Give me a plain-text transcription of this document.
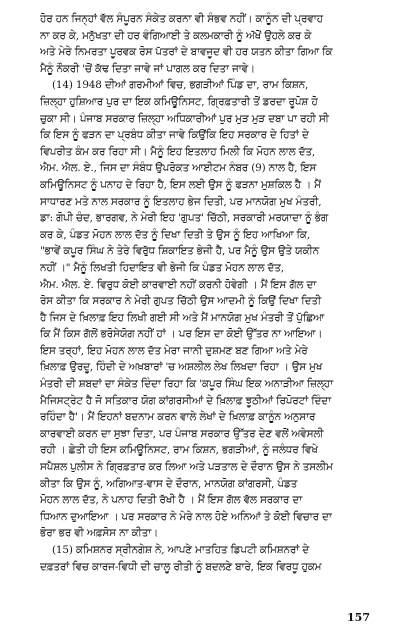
ਹੋਰ ਹਨ ਜਿਨ੍ਹਾਂ ਵੱਲ ਸੰਪੂਰਨ ਸੰਕੇਤ ਕਰਨਾ ਵੀ ਸੰਭਵ ਨਹੀਂ। ਕਾਨੂੰਨ ਦੀ ਪ੍ਰਵਾਹ
ਨਾ ਕਰ ਕੇ, ਮਨੁੱਖਤਾ ਦੀ ਹਰ ਵੰਗਿਆਈ ਤੇ ਕਲਮਕਾਰੀ ਨੂੰ ਅੱਖੋਂ ਉਹਲੇ ਕਰ ਕੇ
ਅਤੇ ਮੇਰੇ ਨਿਮਰਤਾ ਪੂਰਵਕ ਰੋਸ ਪੱਤਰਾਂ ਦੇ ਬਾਵਜੂਦ ਵੀ ਹਰ ਯਤਨ ਕੀਤਾ ਗਿਆ ਕਿ
ਮੈਨੂੰ ਨੌਕਰੀ 'ਚੋਂ ਕੱਢ ਦਿਤਾ ਜਾਵੇ ਜਾਂ ਪਾਗਲ ਕਰ ਦਿਤਾ ਜਾਵੇ।
(14) 1948 ਦੀਆਂ ਗਰਮੀਆਂ ਵਿਚ, ਭਗੜੀਆਂ ਪਿੰਡ ਦਾ, ਰਾਮ ਕਿਸ਼ਨ,
ਜ਼ਿਲ੍ਹਾ ਹੁਸ਼ਿਆਰ ਪੁਰ ਦਾ ਇਕ ਕਮਿਊਨਿਸਟ, ਗ੍ਰਿਫ਼ਤਾਰੀ ਤੋਂ ਡਰਦਾ ਰੂਪੋਸ਼ ਹੋ
ਚੁਕਾ ਸੀ। ਪੰਜਾਬ ਸਰਕਾਰ ਜ਼ਿਲ੍ਹਾ ਅਧਿਕਾਰੀਆਂ ਪੁਰ ਮੁੜ ਮੁੜ ਦਬਾ ਪਾ ਰਹੀ ਸੀ
ਕਿ ਇਸ ਨੂੰ ਫੜਨ ਦਾ ਪ੍ਰਬੰਧ ਕੀਤਾ ਜਾਵੇ ਕਿਉਂਕਿ ਇਹ ਸਰਕਾਰ ਦੇ ਹਿਤਾਂ ਦੇ
ਵਿਪਰੀਤ ਕੰਮ ਕਰ ਰਿਹਾ ਸੀ। ਮੈਨੂੰ ਇਹ ਇਤਲਾਹ ਮਿਲੀ ਕਿ ਮੋਹਨ ਲਾਲ ਦੱਤ,
ਐਮ. ਐਲ. ਏ., ਜਿਸ ਦਾ ਸੰਬੰਧ ਉਪਰੋਕਤ ਆਈਟਮ ਨੰਬਰ (9) ਨਾਲ ਹੈ, ਇਸ
ਕਮਿਊਨਿਸਟ ਨੂੰ ਪਨਾਹ ਦੇ ਰਿਹਾ ਹੈ, ਇਸ ਲਈ ਉਸ ਨੂੰ ਫੜਨਾ ਮੁਸ਼ਕਿਲ ਹੈ । ਮੈਂ
ਸਾਧਾਰਣ ਮਤੇ ਨਾਲ ਸਰਕਾਰ ਨੂੰ ਇਤਲਾਹ ਭੇਜ ਦਿਤੀ, ਪਰ ਮਾਨਯੋਗ ਮੁਖ ਮੰਤਰੀ,
ਡਾ: ਗੋਪੀ ਚੰਦ, ਭਾਰਗਵ, ਨੇ ਮੇਰੀ ਇਹ 'ਗੁਪਤ' ਚਿੱਠੀ, ਸਰਕਾਰੀ ਮਰਯਾਦਾ ਨੂੰ ਭੰਗ
ਕਰ ਕੇ, ਪੰਡਤ ਮੋਹਨ ਲਾਲ ਦੱਤ ਨੂੰ ਦਿਖਾ ਦਿਤੀ ਤੇ ਉਸ ਨੂੰ ਇਹ ਆਖਿਆ ਕਿ,
"ਭਾਵੇਂ ਕਪੂਰ ਸਿੰਘ ਨੇ ਤੇਰੇ ਵਿਰੁੱਧ ਸ਼ਿਕਾਇਤ ਭੇਜੀ ਹੈ, ਪਰ ਮੈਨੂੰ ਉਸ ਉਤੇ ਯਕੀਨ
ਨਹੀਂ ।" ਮੈਨੂੰ ਲਿਖਤੀ ਹਿਦਾਇਤ ਵੀ ਭੇਜੀ ਕਿ ਪੰਡਤ ਮੋਹਨ ਲਾਲ ਦੱਤ,
ਐਮ. ਐਲ. ਏ. ਵਿਰੁਧ ਕੋਈ ਕਾਰਵਾਈ ਨਹੀਂ ਕਰਨੀ ਹੋਵੇਗੀ । ਮੈਂ ਇਸ ਗੱਲ ਦਾ
ਰੋਸ ਕੀਤਾ ਕਿ ਸਰਕਾਰ ਨੇ ਮੇਰੀ ਗੁਪਤ ਚਿੱਠੀ ਉਸ ਆਦਮੀ ਨੂੰ ਕਿਉਂ ਦਿਖਾ ਦਿਤੀ
ਹੈ ਜਿਸ ਦੇ ਖ਼ਿਲਾਫ਼ ਇਹ ਲਿਖੀ ਗਈ ਸੀ ਅਤੇ ਮੈਂ ਮਾਨਯੋਗ ਮੁਖ ਮੰਤਰੀ ਤੋਂ ਪੁੱਛਿਆ
ਕਿ ਮੈਂ ਕਿਸ ਗੱਲੋਂ ਭਰੋਸੇਯੋਗ ਨਹੀਂ ਹਾਂ । ਪਰ ਇਸ ਦਾ ਕੋਈ ਉੱਤਰ ਨਾ ਆਇਆ।
ਇਸ ਤਰ੍ਹਾਂ, ਇਹ ਮੋਹਨ ਲਾਲ ਦੱਤ ਮੇਰਾ ਜਾਨੀ ਦੁਸ਼ਮਣ ਬਣ ਗਿਆ ਅਤੇ ਮੇਰੇ
ਖ਼ਿਲਾਫ਼ ਉਰਦੂ, ਹਿੰਦੀ ਦੇ ਅਖ਼ਬਾਰਾਂ 'ਚ ਅਸ਼ਲੀਲ ਲੇਖ ਲਿਖਦਾ ਰਿਹਾ । ਉਸ ਮੁਖ
ਮੰਤਰੀ ਦੀ ਸ਼ਬਦਾਂ ਦਾ ਸੰਕੇਤ ਦਿੰਦਾ ਰਿਹਾ ਕਿ 'ਕਪੂਰ ਸਿੰਘ ਇਕ ਅਨਾੜੀਆ ਜ਼ਿਲ੍ਹਾ
ਮੈਜਿਸਟ੍ਰੇਟ ਹੈ ਜੋ ਸਤਿਕਾਰ ਯੋਗ ਕਾਂਗਰਸੀਆਂ ਦੇ ਖ਼ਿਲਾਫ਼ ਝੂਠੀਆਂ ਰਿਪੋਰਟਾਂ ਦਿੰਦਾ
ਰਹਿੰਦਾ ਹੈ'। ਮੈਂ ਇਹਨਾਂ ਬਦਨਾਮ ਕਰਨ ਵਾਲੇ ਲੇਖਾਂ ਦੇ ਖ਼ਿਲਾਫ਼ ਕਾਨੂੰਨ ਅਨੁਸਾਰ
ਕਾਰਵਾਈ ਕਰਨ ਦਾ ਸੁਝਾ ਦਿਤਾ, ਪਰ ਪੰਜਾਬ ਸਰਕਾਰ ਉੱਤਰ ਦੇਣ ਵਲੋਂ ਅਵੇਸਲੀ
ਰਹੀ । ਛੇਤੀ ਹੀ ਇਸ ਕਮਿਊਨਿਸਟ, ਰਾਮ ਕਿਸ਼ਨ, ਭਗੜੀਆਂ, ਨੂੰ ਜਲੰਧਰ ਵਿਖੇ
ਸਪੈਸ਼ਲ ਪੁਲੀਸ ਨੇ ਗ੍ਰਿਫ਼ਤਾਰ ਕਰ ਲਿਆ ਅਤੇ ਪੜਤਾਲ ਦੇ ਦੌਰਾਨ ਉਸ ਨੇ ਤਸਲੀਮ
ਕੀਤਾ ਕਿ ਉਸ ਨੂੰ, ਅਗਿਆਤ-ਵਾਸ ਦੇ ਦੌਰਾਨ, ਮਾਨਯੋਗ ਕਾਂਗਰਸੀ, ਪੰਡਤ
ਮੋਹਨ ਲਾਲ ਦੱਤ, ਨੇ ਪਨਾਹ ਦਿਤੀ ਰੱਖੀ ਹੈ । ਮੈਂ ਇਸ ਗੱਲ ਵੱਲ ਸਰਕਾਰ ਦਾ
ਧਿਆਨ ਦੁਆਇਆ । ਪਰ ਸਰਕਾਰ ਨੇ ਮੇਰੇ ਨਾਲ ਹੋਏ ਅਨਿਆਂ ਤੇ ਕੋਈ ਵਿਚਾਰ ਦਾ
ਭੋਰਾ ਭਰ ਵੀ ਅਫ਼ਸੋਸ ਨਾ ਕੀਤਾ।
(15) ਕਮਿਸ਼ਨਰ ਸ੍ਰੀਨਗੇਸ਼ ਨੇ, ਆਪਣੇ ਮਾਤਹਿਤ ਡਿਪਟੀ ਕਮਿਸ਼ਨਰਾਂ ਦੇ
ਦਫ਼ਤਰਾਂ ਵਿਚ ਕਾਰਜ-ਵਿਧੀ ਦੀ ਚਾਲੂ ਰੀਤੀ ਨੂੰ ਬਦਲਣੇ ਬਾਰੇ, ਇਕ ਵਿਰਧੂ ਹੁਕਮ
157
